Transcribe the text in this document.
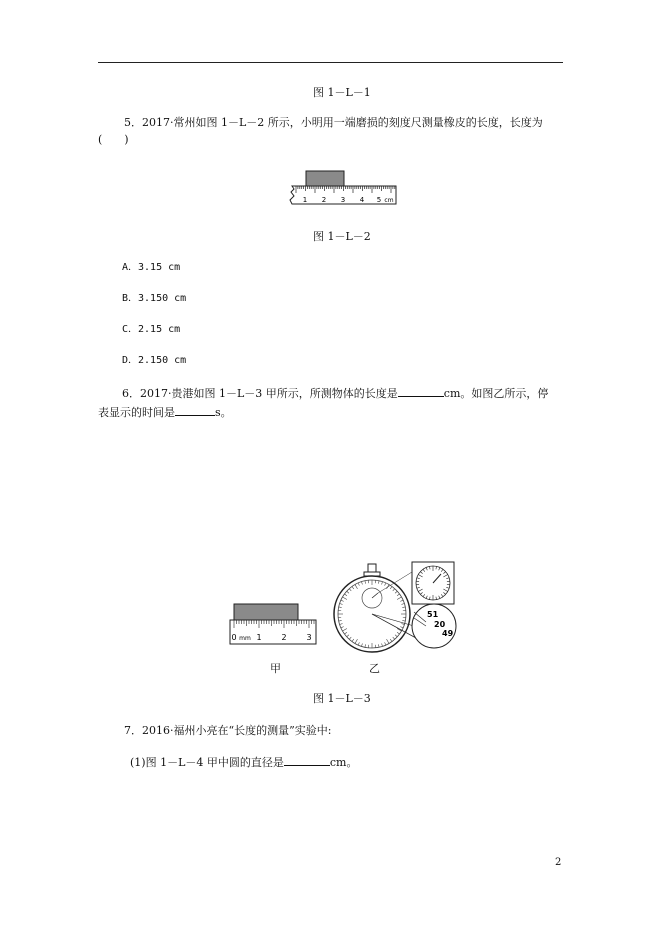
图 1－L－1
5．2017·常州如图 1－L－2 所示，小明用一端磨损的刻度尺测量橡皮的长度，长度为
(　　)
1 2 3 4 5 cm
图 1－L－2
A．3.15 cm
B．3.150 cm
C．2.15 cm
D．2.150 cm
6．2017·贵港如图 1－L－3 甲所示，所测物体的长度是	cm。如图乙所示，停
表显示的时间是	s。
0 mm 1 2 3
51
20
49
甲	乙
图 1－L－3
7．2016·福州小亮在“长度的测量”实验中:
(1)图 1－L－4 甲中圆的直径是	cm。
2
